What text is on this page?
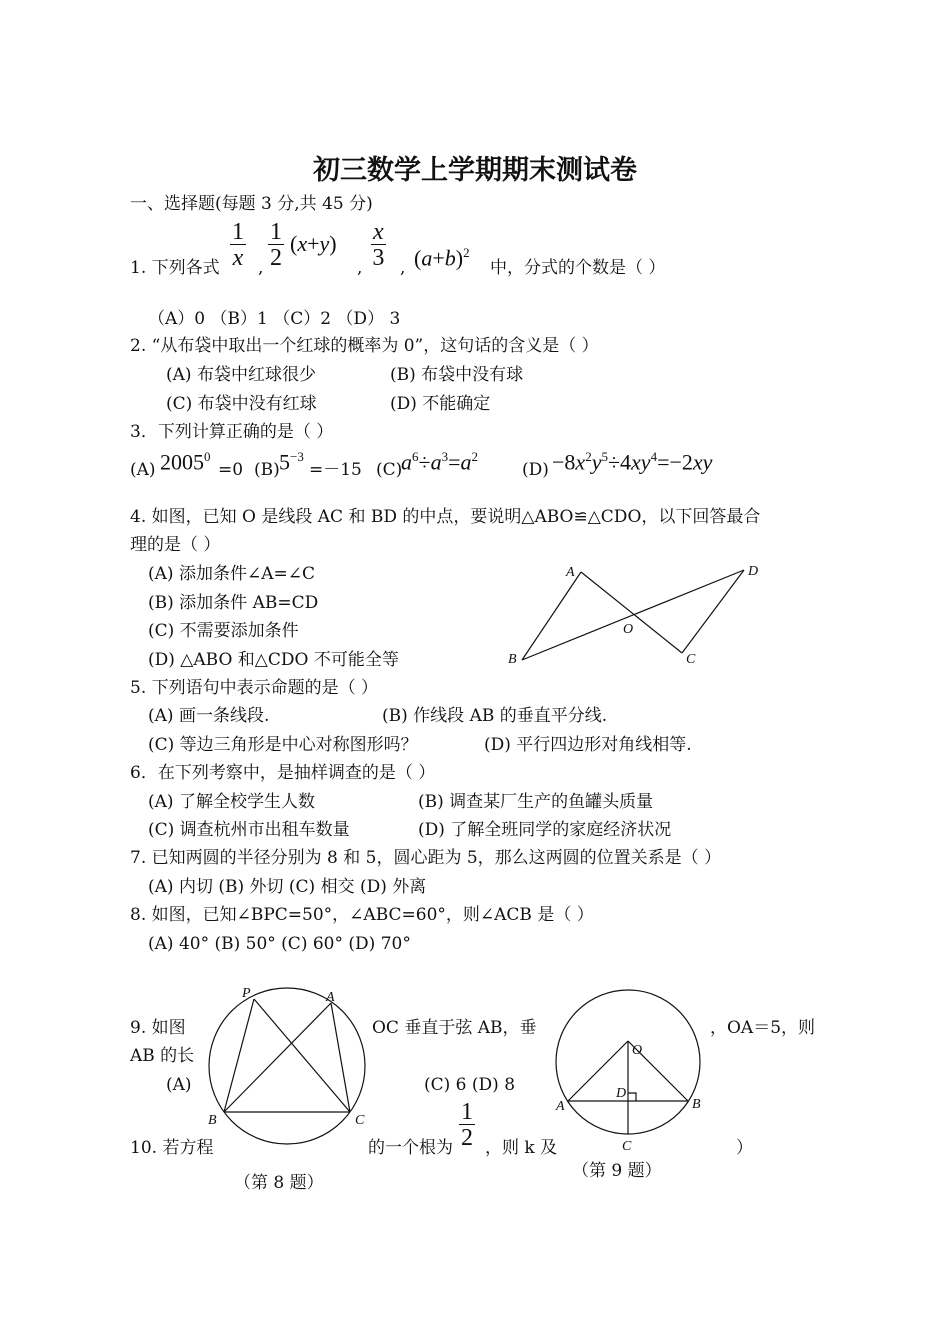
初三数学上学期期末测试卷
一、选择题(每题 3 分,共 45 分)
1. 下列各式 $\frac{1}{x}$ , $\frac{1}{2} (x+y)$
, $\frac{x}{3}$ , $(a+b)^2$
中，分式的个数是（ ）
（A）0 （B）1 （C）2 （D） 3
2. “从布袋中取出一个红球的概率为 0”，这句话的含义是（ ）
(A) 布袋中红球很少	(B) 布袋中没有球
(C) 布袋中没有红球	(D) 不能确定
3．下列计算正确的是（ ）
(A) $2005^0$
=0 (B) $5^{-3}$
=－15 (C)
$a^6\div a^3=a^2$
$(D) -8x^2y^5\div 4xy^4=-2xy$
4. 如图，已知 O 是线段 AC 和 BD 的中点，要说明△ABO≌△CDO，以下回答最合
理的是（ ）
(A) 添加条件∠A=∠C
(B) 添加条件 AB=CD
(C) 不需要添加条件
(D) △ABO 和△CDO 不可能全等
A	D
O
B	C
5. 下列语句中表示命题的是（ ）
(A) 画一条线段.	(B) 作线段 AB 的垂直平分线.
(C) 等边三角形是中心对称图形吗？	(D) 平行四边形对角线相等.
6．在下列考察中，是抽样调查的是（ ）
(A) 了解全校学生人数	(B) 调查某厂生产的鱼罐头质量
(C) 调查杭州市出租车数量	(D) 了解全班同学的家庭经济状况
7. 已知两圆的半径分别为 8 和 5，圆心距为 5，那么这两圆的位置关系是（ ）
(A) 内切 (B) 外切 (C) 相交 (D) 外离
8. 如图，已知∠BPC=50°，∠ABC=60°，则∠ACB 是（ ）
(A) 40° (B) 50° (C) 60° (D) 70°
9. 如图	OC 垂直于弦 AB，垂	，OA＝5，则
AB 的长
(A)	(C) 6 (D) 8
10. 若方程	的一个根为 $\frac{1}{2}$ ，则 k 及	）
P	A
B	C
（第 8 题）
O
D
A	B
C
（第 9 题）
